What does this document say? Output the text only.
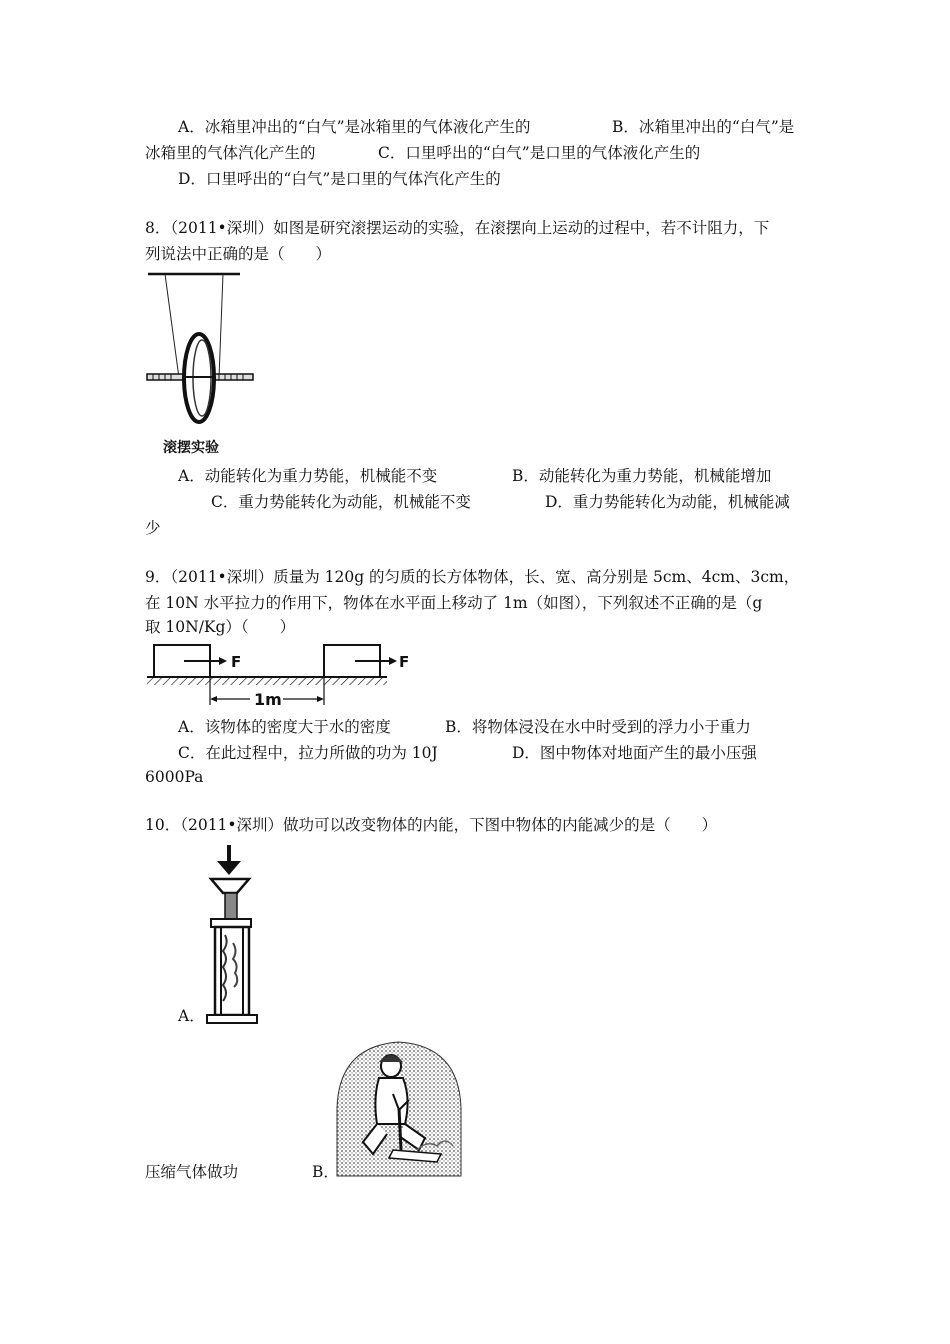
A．冰箱里冲出的“白气”是冰箱里的气体液化产生的	B．冰箱里冲出的“白气”是
冰箱里的气体汽化产生的	C．口里呼出的“白气”是口里的气体液化产生的
D．口里呼出的“白气”是口里的气体汽化产生的
8．（2011•深圳）如图是研究滚摆运动的实验，在滚摆向上运动的过程中，若不计阻力，下
列说法中正确的是（　　）
滚摆实验
A．动能转化为重力势能，机械能不变	B．动能转化为重力势能，机械能增加
C．重力势能转化为动能，机械能不变	D．重力势能转化为动能，机械能减
少
9．（2011•深圳）质量为 120g 的匀质的长方体物体，长、宽、高分别是 5cm、4cm、3cm，
在 10N 水平拉力的作用下，物体在水平面上移动了 1m（如图），下列叙述不正确的是（g
取 10N/Kg）（　　）
F	F
1m
A．该物体的密度大于水的密度	B．将物体浸没在水中时受到的浮力小于重力
C．在此过程中，拉力所做的功为 10J	D．图中物体对地面产生的最小压强
6000Pa
10．（2011•深圳）做功可以改变物体的内能，下图中物体的内能减少的是（　　）
A．
压缩气体做功	B．
